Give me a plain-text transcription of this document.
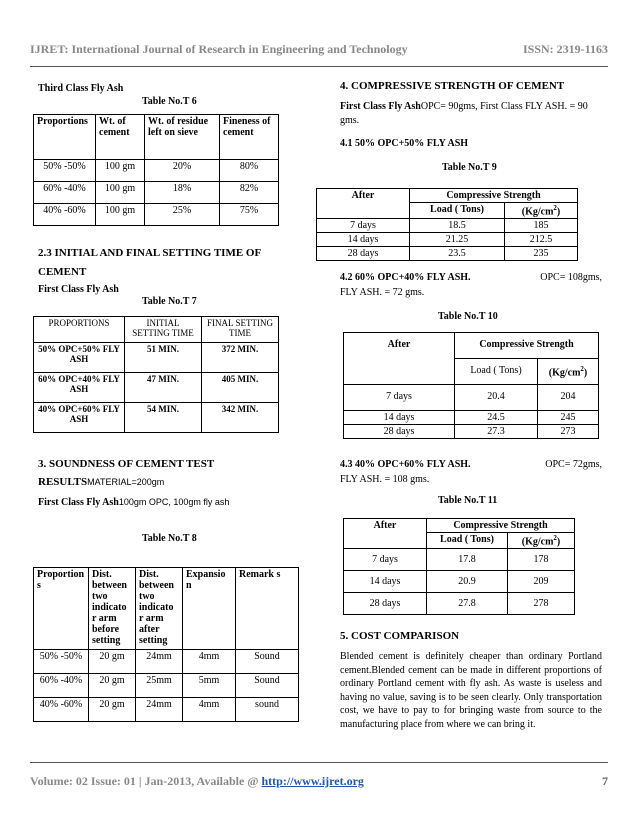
IJRET: International Journal of Research in Engineering and Technology	ISSN: 2319-1163
Third Class Fly Ash
Table No.T 6
Proportions	Wt. of cement	Wt. of residue left on sieve	Fineness of cement
50% -50%	100 gm	20%	80%
60% -40%	100 gm	18%	82%
40% -60%	100 gm	25%	75%
2.3 INITIAL AND FINAL SETTING TIME OF CEMENT
First Class Fly Ash
Table No.T 7
PROPORTIONS	INITIAL SETTING TIME	FINAL SETTING TIME
50% OPC+50% FLY ASH	51 MIN.	372 MIN.
60% OPC+40% FLY ASH	47 MIN.	405 MIN.
40% OPC+60% FLY ASH	54 MIN.	342 MIN.
3. SOUNDNESS OF CEMENT TEST
RESULTSMATERIAL=200gm
First Class Fly Ash100gm OPC, 100gm fly ash
Table No.T 8
Proportion s	Dist. between two indicato r arm before setting	Dist. between two indicato r arm after setting	Expansio n	Remark s
50% -50%	20 gm	24mm	4mm	Sound
60% -40%	20 gm	25mm	5mm	Sound
40% -60%	20 gm	24mm	4mm	sound
4. COMPRESSIVE STRENGTH OF CEMENT
First Class Fly AshOPC= 90gms, First Class FLY ASH. = 90 gms.
4.1 50% OPC+50% FLY ASH
Table No.T 9
After	Compressive Strength	
	Load ( Tons)	$(Kg/cm^2)$
7 days	18.5	185
14 days	21.25	212.5
28 days	23.5	235
4.2 60% OPC+40% FLY ASH.	OPC= 108gms,
FLY ASH. = 72 gms.
Table No.T 10
After	Compressive Strength	
	Load ( Tons)	$(Kg/cm^2)$
7 days	20.4	204
14 days	24.5	245
28 days	27.3	273
4.3 40% OPC+60% FLY ASH.	OPC= 72gms,
FLY ASH. = 108 gms.
Table No.T 11
After	Compressive Strength	
	Load ( Tons)	$(Kg/cm^2)$
7 days	17.8	178
14 days	20.9	209
28 days	27.8	278
5. COST COMPARISON
Blended cement is definitely cheaper than ordinary Portland cement.Blended cement can be made in different proportions of ordinary Portland cement with fly ash. As waste is useless and having no value, saving is to be seen clearly. Only transportation cost, we have to pay to for bringing waste from source to the manufacturing place from where we can bring it.
Volume: 02 Issue: 01 | Jan-2013, Available @ http://www.ijret.org	7
